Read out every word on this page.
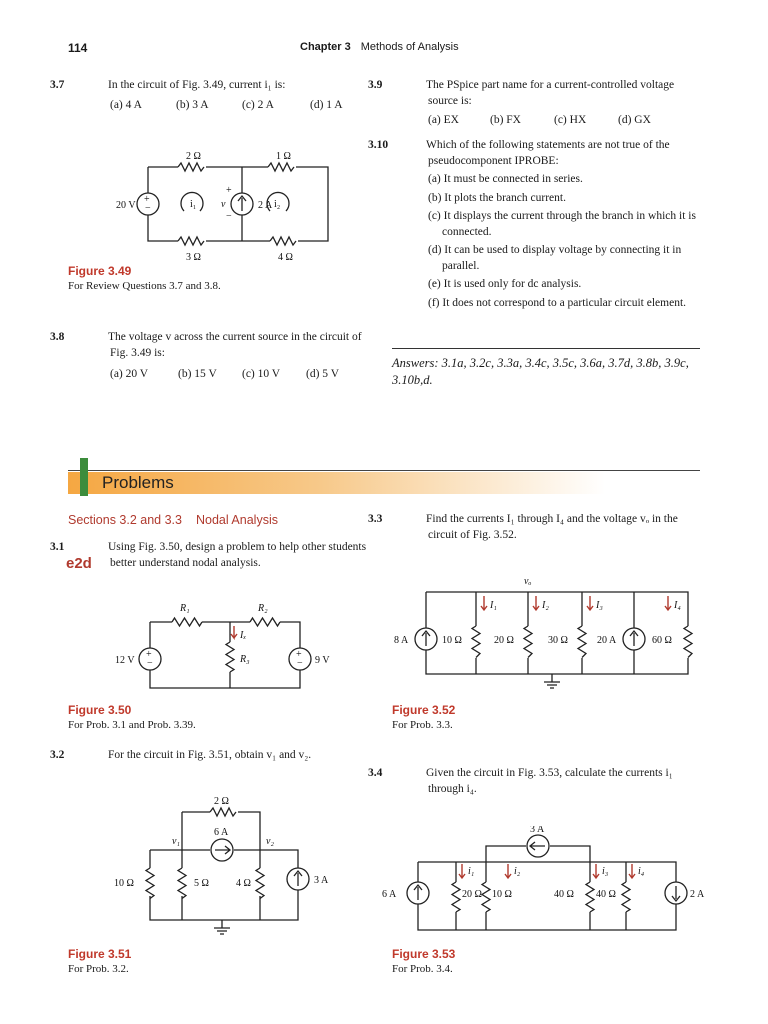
114	Chapter 3 Methods of Analysis
3.7	In the circuit of Fig. 3.49, current i₁ is:
(a) 4 A	(b) 3 A	(c) 2 A	(d) 1 A
+
−
20 V
2 Ω	1 Ω
3 Ω	4 Ω
2 A
i₁	i₂
v
+
−
Figure 3.49
For Review Questions 3.7 and 3.8.
3.8	The voltage v across the current source in the circuit of Fig. 3.49 is:
(a) 20 V	(b) 15 V	(c) 10 V	(d) 5 V
3.9	The PSpice part name for a current-controlled voltage source is:
(a) EX	(b) FX	(c) HX	(d) GX
3.10	Which of the following statements are not true of the pseudocomponent IPROBE:
(a) It must be connected in series.
(b) It plots the branch current.
(c) It displays the current through the branch in which it is connected.
(d) It can be used to display voltage by connecting it in parallel.
(e) It is used only for dc analysis.
(f) It does not correspond to a particular circuit element.
Answers: 3.1a, 3.2c, 3.3a, 3.4c, 3.5c, 3.6a, 3.7d, 3.8b, 3.9c, 3.10b,d.
Problems
Sections 3.2 and 3.3 Nodal Analysis
e2d
3.1	Using Fig. 3.50, design a problem to help other students better understand nodal analysis.
+
−
+
−
R₁	R₂
R₃
Iₓ
12 V	9 V
Figure 3.50
For Prob. 3.1 and Prob. 3.39.
3.2	For the circuit in Fig. 3.51, obtain v₁ and v₂.
2 Ω
6 A
v₁	v₂
10 Ω	5 Ω	4 Ω	3 A
Figure 3.51
For Prob. 3.2.
3.3	Find the currents I₁ through I₄ and the voltage vₒ in the circuit of Fig. 3.52.
vₒ
8 A	10 Ω	20 Ω	30 Ω	20 A	60 Ω
I₁	I₂	I₃	I₄
Figure 3.52
For Prob. 3.3.
3.4	Given the circuit in Fig. 3.53, calculate the currents i₁ through i₄.
3 A
6 A	20 Ω 10 Ω	40 Ω 40 Ω	2 A
i₁	i₂	i₃	i₄
Figure 3.53
For Prob. 3.4.
